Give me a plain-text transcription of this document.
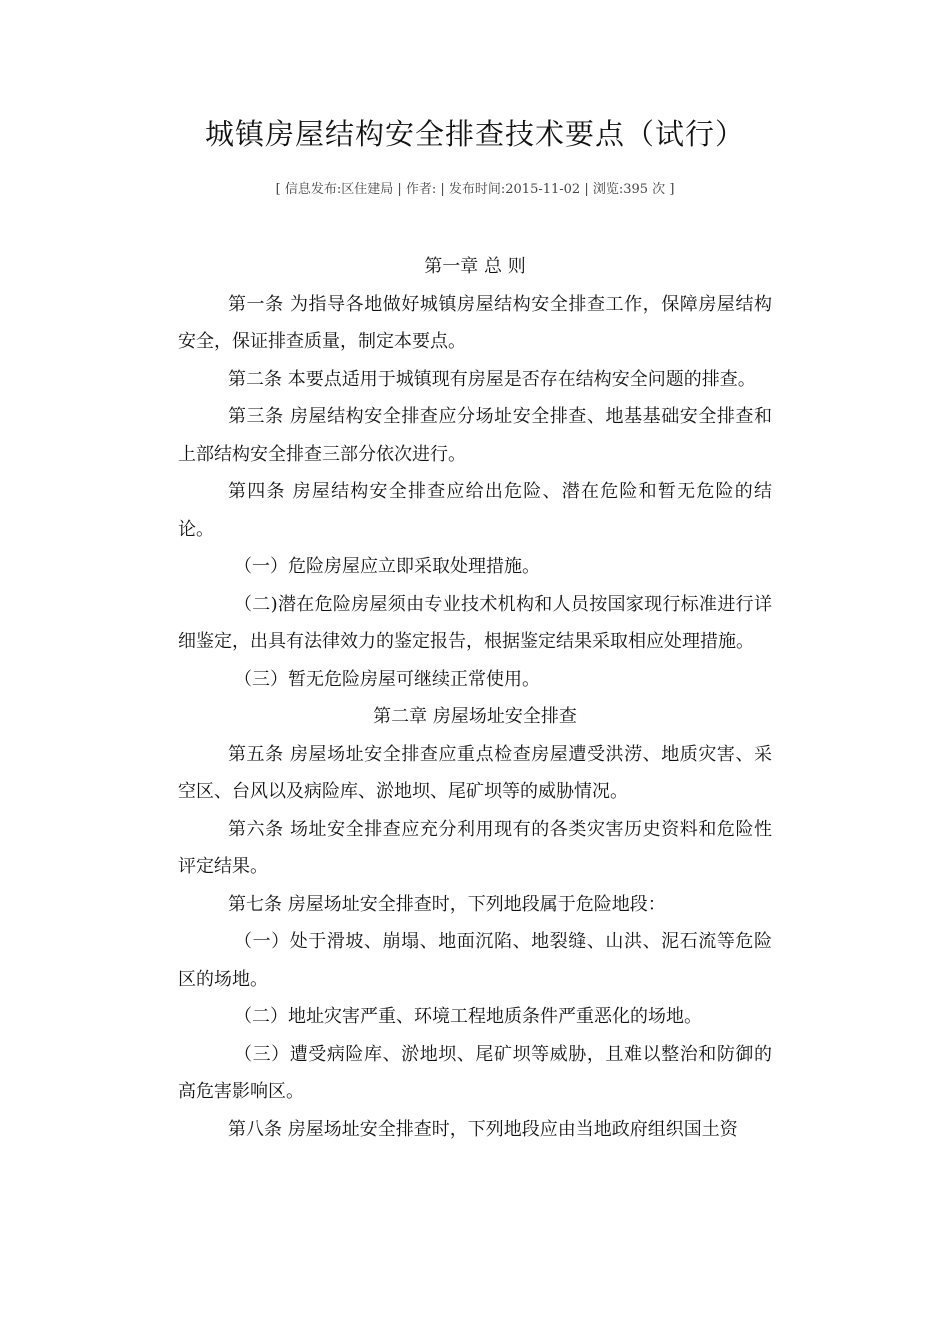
城镇房屋结构安全排查技术要点（试行）
[ 信息发布:区住建局 | 作者: | 发布时间:2015-11-02 | 浏览:395 次 ]

第一章 总 则

第一条 为指导各地做好城镇房屋结构安全排查工作，保障房屋结构安全，保证排查质量，制定本要点。

第二条 本要点适用于城镇现有房屋是否存在结构安全问题的排查。

第三条 房屋结构安全排查应分场址安全排查、地基基础安全排查和上部结构安全排查三部分依次进行。

第四条 房屋结构安全排查应给出危险、潜在危险和暂无危险的结论。

（一）危险房屋应立即采取处理措施。

（二)潜在危险房屋须由专业技术机构和人员按国家现行标准进行详细鉴定，出具有法律效力的鉴定报告，根据鉴定结果采取相应处理措施。

（三）暂无危险房屋可继续正常使用。

第二章 房屋场址安全排查

第五条 房屋场址安全排查应重点检查房屋遭受洪涝、地质灾害、采空区、台风以及病险库、淤地坝、尾矿坝等的威胁情况。

第六条 场址安全排查应充分利用现有的各类灾害历史资料和危险性评定结果。

第七条 房屋场址安全排查时，下列地段属于危险地段：

（一）处于滑坡、崩塌、地面沉陷、地裂缝、山洪、泥石流等危险区的场地。

（二）地址灾害严重、环境工程地质条件严重恶化的场地。

（三）遭受病险库、淤地坝、尾矿坝等威胁，且难以整治和防御的高危害影响区。

第八条 房屋场址安全排查时，下列地段应由当地政府组织国土资
